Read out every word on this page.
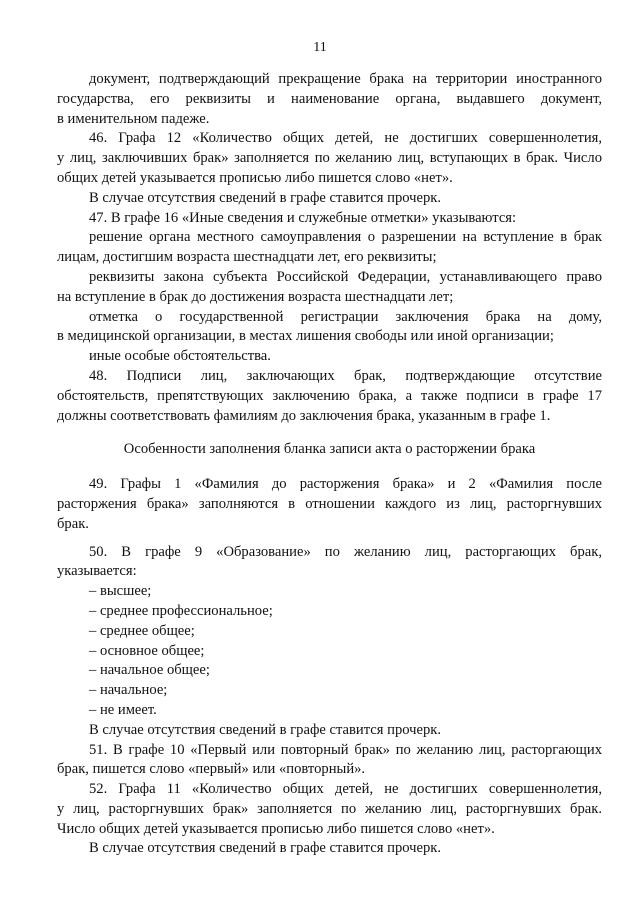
11

документ, подтверждающий прекращение брака на территории иностранного
государства, его реквизиты и наименование органа, выдавшего документ,
в именительном падеже.

46. Графа 12 «Количество общих детей, не достигших совершеннолетия,
у лиц, заключивших брак» заполняется по желанию лиц, вступающих в брак. Число
общих детей указывается прописью либо пишется слово «нет».

В случае отсутствия сведений в графе ставится прочерк.

47. В графе 16 «Иные сведения и служебные отметки» указываются:
решение органа местного самоуправления о разрешении на вступление в брак
лицам, достигшим возраста шестнадцати лет, его реквизиты;
реквизиты закона субъекта Российской Федерации, устанавливающего право
на вступление в брак до достижения возраста шестнадцати лет;
отметка о государственной регистрации заключения брака на дому,
в медицинской организации, в местах лишения свободы или иной организации;
иные особые обстоятельства.

48. Подписи лиц, заключающих брак, подтверждающие отсутствие
обстоятельств, препятствующих заключению брака, а также подписи в графе 17
должны соответствовать фамилиям до заключения брака, указанным в графе 1.

Особенности заполнения бланка записи акта о расторжении брака

49. Графы 1 «Фамилия до расторжения брака» и 2 «Фамилия после
расторжения брака» заполняются в отношении каждого из лиц, расторгнувших
брак.

50. В графе 9 «Образование» по желанию лиц, расторгающих брак,
указывается:

– высшее;
– среднее профессиональное;
– среднее общее;
– основное общее;
– начальное общее;
– начальное;
– не имеет.

В случае отсутствия сведений в графе ставится прочерк.

51. В графе 10 «Первый или повторный брак» по желанию лиц, расторгающих
брак, пишется слово «первый» или «повторный».

52. Графа 11 «Количество общих детей, не достигших совершеннолетия,
у лиц, расторгнувших брак» заполняется по желанию лиц, расторгнувших брак.
Число общих детей указывается прописью либо пишется слово «нет».
В случае отсутствия сведений в графе ставится прочерк.
